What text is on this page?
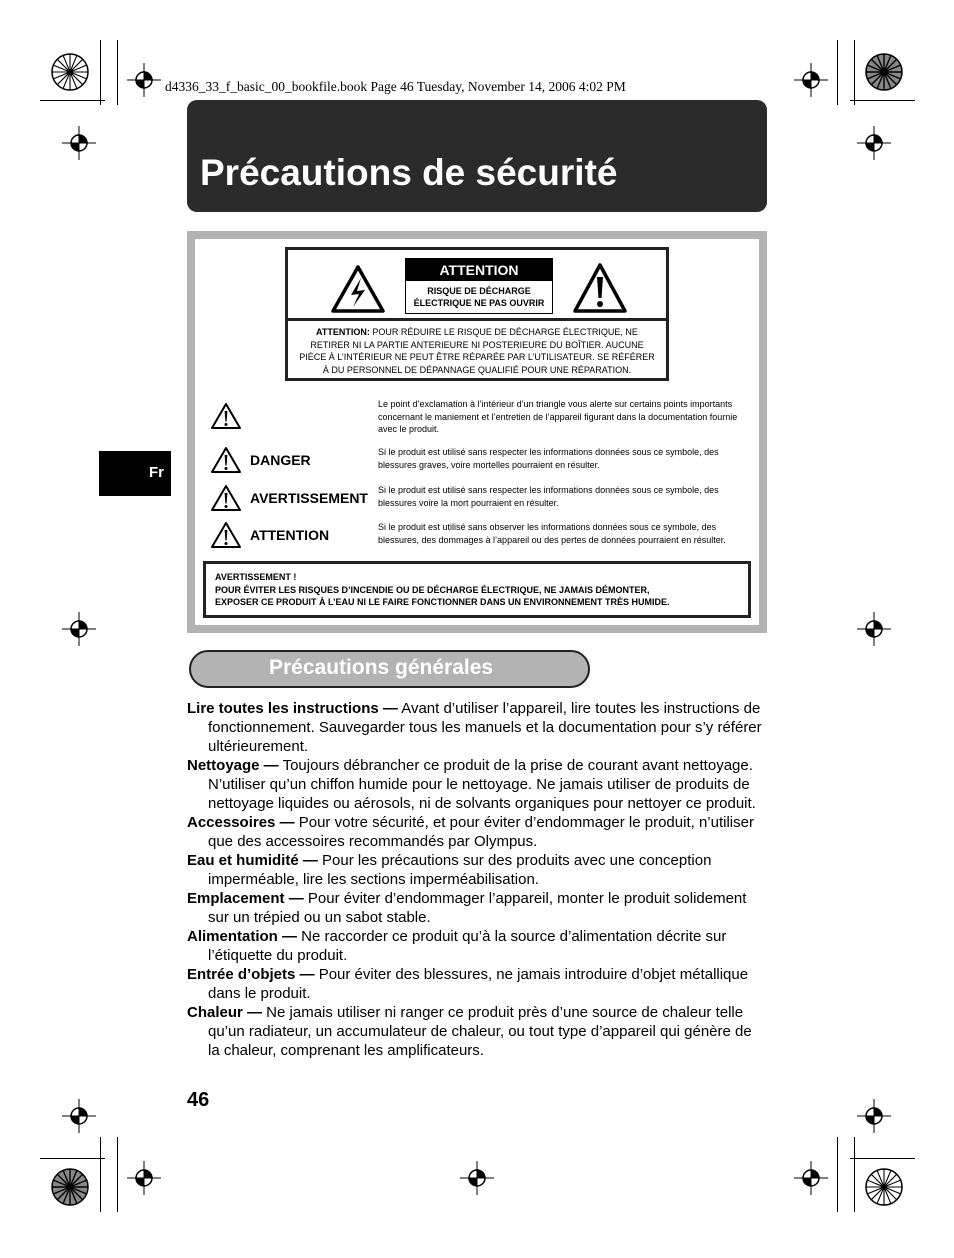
d4336_33_f_basic_00_bookfile.book Page 46 Tuesday, November 14, 2006 4:02 PM
Précautions de sécurité
Fr
ATTENTION
RISQUE DE DÉCHARGE
ÉLECTRIQUE NE PAS OUVRIR
ATTENTION: POUR RÉDUIRE LE RISQUE DE DÉCHARGE ÉLECTRIQUE, NE
RETIRER NI LA PARTIE ANTERIEURE NI POSTERIEURE DU BOÎTIER. AUCUNE
PIÈCE À L’INTÉRIEUR NE PEUT ÊTRE RÉPARÉE PAR L’UTILISATEUR. SE RÉFÉRER
À DU PERSONNEL DE DÉPANNAGE QUALIFIÉ POUR UNE RÉPARATION.
Le point d’exclamation à l’intérieur d’un triangle vous alerte sur certains points importants concernant le maniement et l’entretien de l’appareil figurant dans la documentation fournie avec le produit.
DANGER	Si le produit est utilisé sans respecter les informations données sous ce symbole, des blessures graves, voire mortelles pourraient en résulter.
AVERTISSEMENT Si le produit est utilisé sans respecter les informations données sous ce symbole, des blessures voire la mort pourraient en résulter.
ATTENTION	Si le produit est utilisé sans observer les informations données sous ce symbole, des blessures, des dommages à l’appareil ou des pertes de données pourraient en résulter.
AVERTISSEMENT !
POUR ÉVITER LES RISQUES D’INCENDIE OU DE DÉCHARGE ÉLECTRIQUE, NE JAMAIS DÉMONTER,
EXPOSER CE PRODUIT À L’EAU NI LE FAIRE FONCTIONNER DANS UN ENVIRONNEMENT TRÈS HUMIDE.
Précautions générales
Lire toutes les instructions — Avant d’utiliser l’appareil, lire toutes les instructions de fonctionnement. Sauvegarder tous les manuels et la documentation pour s’y référer ultérieurement.
Nettoyage — Toujours débrancher ce produit de la prise de courant avant nettoyage. N’utiliser qu’un chiffon humide pour le nettoyage. Ne jamais utiliser de produits de nettoyage liquides ou aérosols, ni de solvants organiques pour nettoyer ce produit.
Accessoires — Pour votre sécurité, et pour éviter d’endommager le produit, n’utiliser que des accessoires recommandés par Olympus.
Eau et humidité — Pour les précautions sur des produits avec une conception imperméable, lire les sections imperméabilisation.
Emplacement — Pour éviter d’endommager l’appareil, monter le produit solidement sur un trépied ou un sabot stable.
Alimentation — Ne raccorder ce produit qu’à la source d’alimentation décrite sur l’étiquette du produit.
Entrée d’objets — Pour éviter des blessures, ne jamais introduire d’objet métallique dans le produit.
Chaleur — Ne jamais utiliser ni ranger ce produit près d’une source de chaleur telle qu’un radiateur, un accumulateur de chaleur, ou tout type d’appareil qui génère de la chaleur, comprenant les amplificateurs.
46
